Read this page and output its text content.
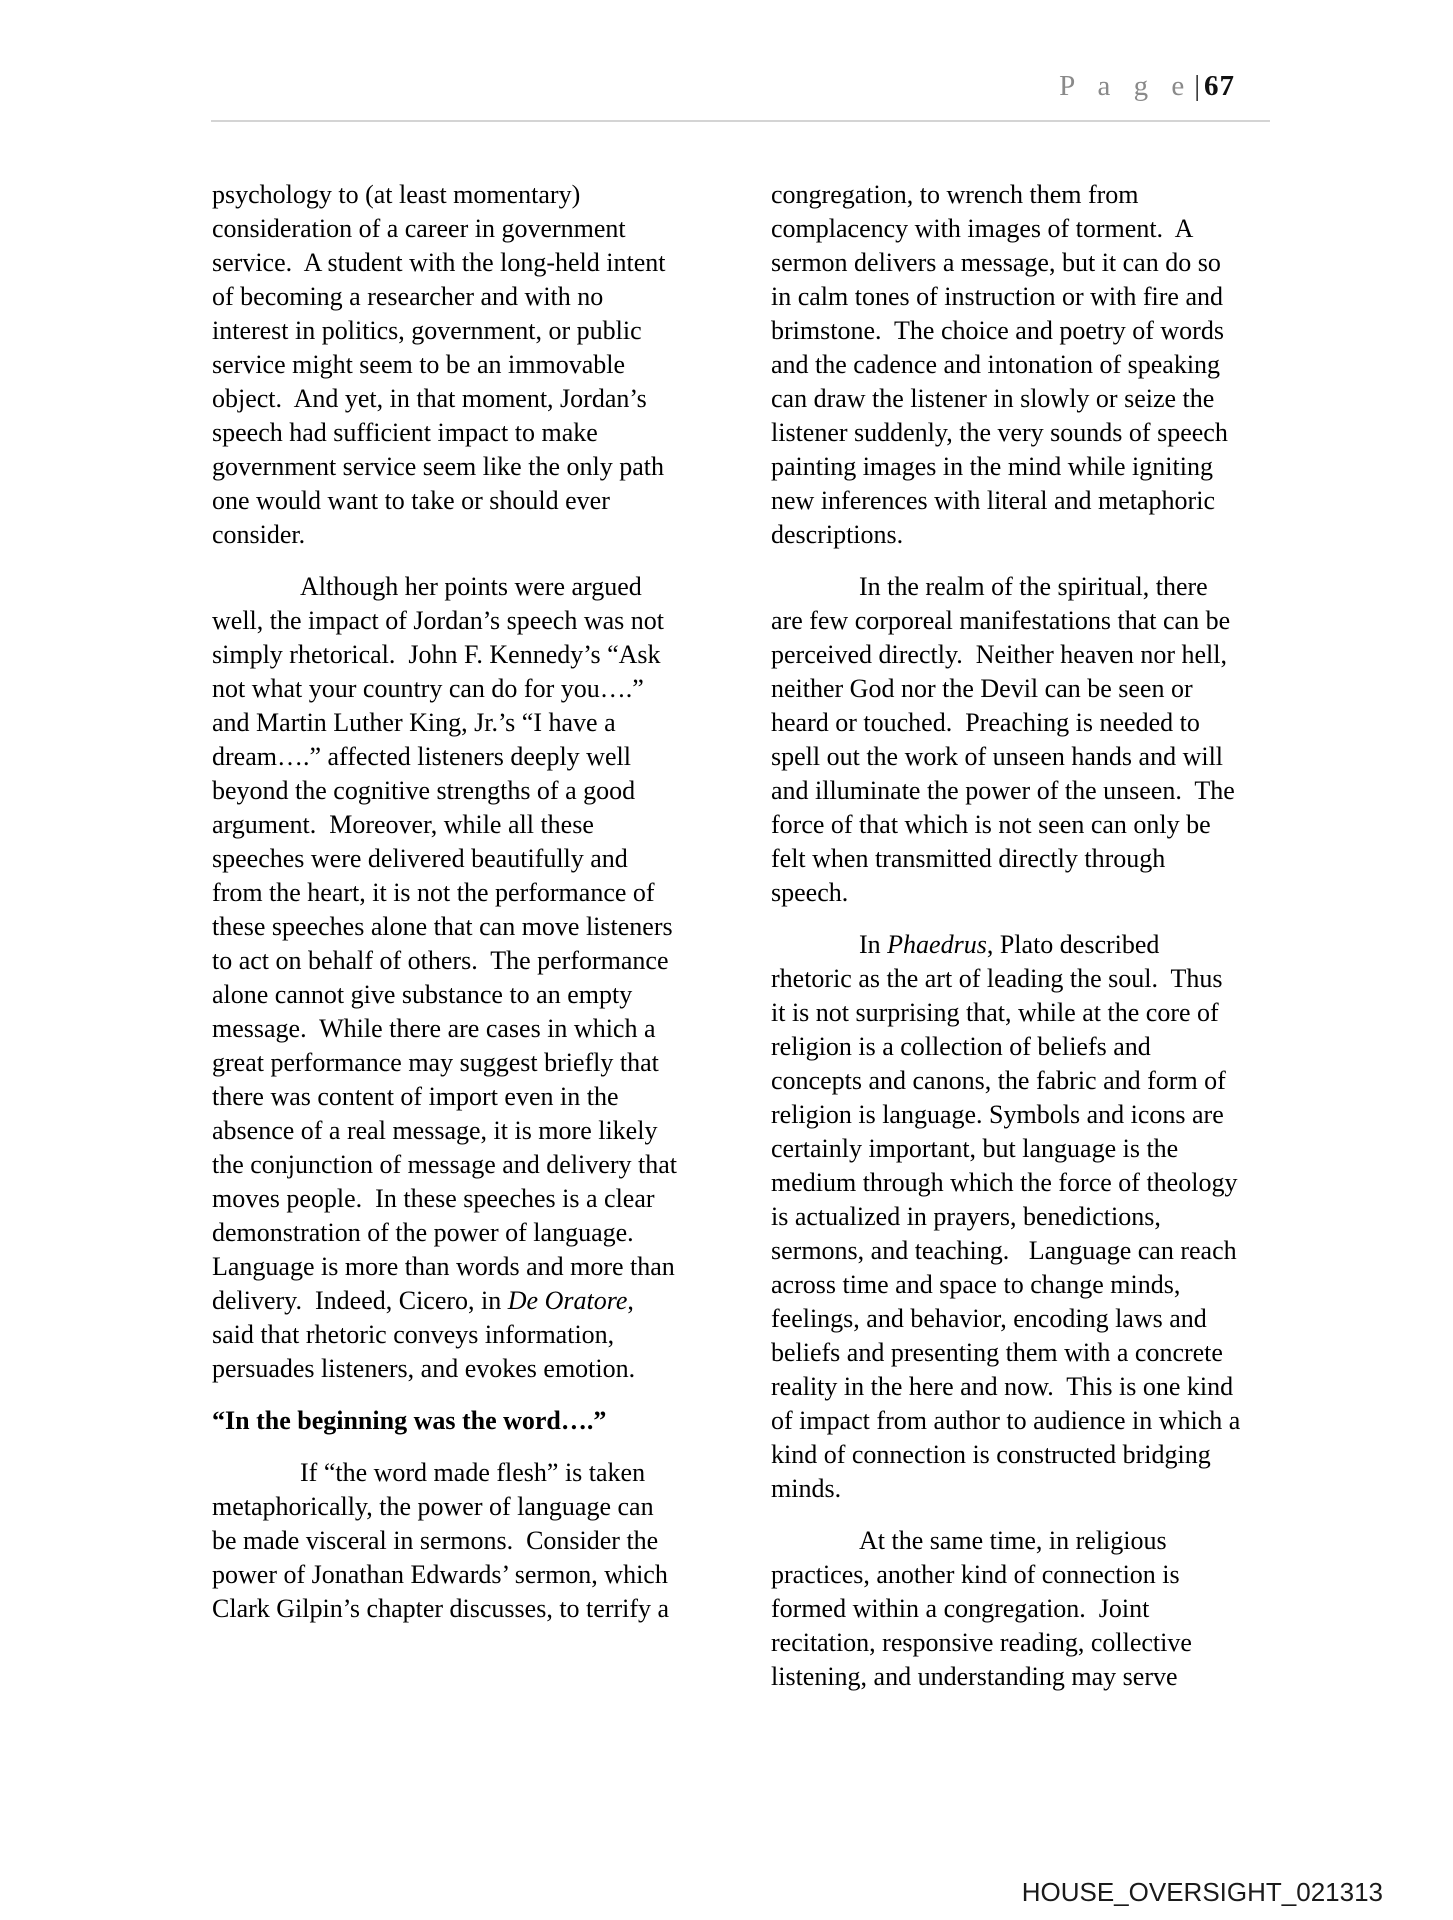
P a g e| 67

psychology to (at least momentary) consideration of a career in government service.  A student with the long-held intent of becoming a researcher and with no interest in politics, government, or public service might seem to be an immovable object.  And yet, in that moment, Jordan’s speech had sufficient impact to make government service seem like the only path one would want to take or should ever consider.

Although her points were argued well, the impact of Jordan’s speech was not simply rhetorical.  John F. Kennedy’s “Ask not what your country can do for you….” and Martin Luther King, Jr.’s “I have a dream….” affected listeners deeply well beyond the cognitive strengths of a good argument.  Moreover, while all these speeches were delivered beautifully and from the heart, it is not the performance of these speeches alone that can move listeners to act on behalf of others.  The performance alone cannot give substance to an empty message.  While there are cases in which a great performance may suggest briefly that there was content of import even in the absence of a real message, it is more likely the conjunction of message and delivery that moves people.  In these speeches is a clear demonstration of the power of language. Language is more than words and more than delivery.  Indeed, Cicero, in De Oratore, said that rhetoric conveys information, persuades listeners, and evokes emotion.

“In the beginning was the word….”

If “the word made flesh” is taken metaphorically, the power of language can be made visceral in sermons.  Consider the power of Jonathan Edwards’ sermon, which Clark Gilpin’s chapter discusses, to terrify a

congregation, to wrench them from complacency with images of torment.  A sermon delivers a message, but it can do so in calm tones of instruction or with fire and brimstone.  The choice and poetry of words and the cadence and intonation of speaking can draw the listener in slowly or seize the listener suddenly, the very sounds of speech painting images in the mind while igniting new inferences with literal and metaphoric descriptions.

In the realm of the spiritual, there are few corporeal manifestations that can be perceived directly.  Neither heaven nor hell, neither God nor the Devil can be seen or heard or touched.  Preaching is needed to spell out the work of unseen hands and will and illuminate the power of the unseen.  The force of that which is not seen can only be felt when transmitted directly through speech.

In Phaedrus, Plato described rhetoric as the art of leading the soul.  Thus it is not surprising that, while at the core of religion is a collection of beliefs and concepts and canons, the fabric and form of religion is language. Symbols and icons are certainly important, but language is the medium through which the force of theology is actualized in prayers, benedictions, sermons, and teaching.   Language can reach across time and space to change minds, feelings, and behavior, encoding laws and beliefs and presenting them with a concrete reality in the here and now.  This is one kind of impact from author to audience in which a kind of connection is constructed bridging minds.

At the same time, in religious practices, another kind of connection is formed within a congregation.  Joint recitation, responsive reading, collective listening, and understanding may serve

HOUSE_OVERSIGHT_021313
